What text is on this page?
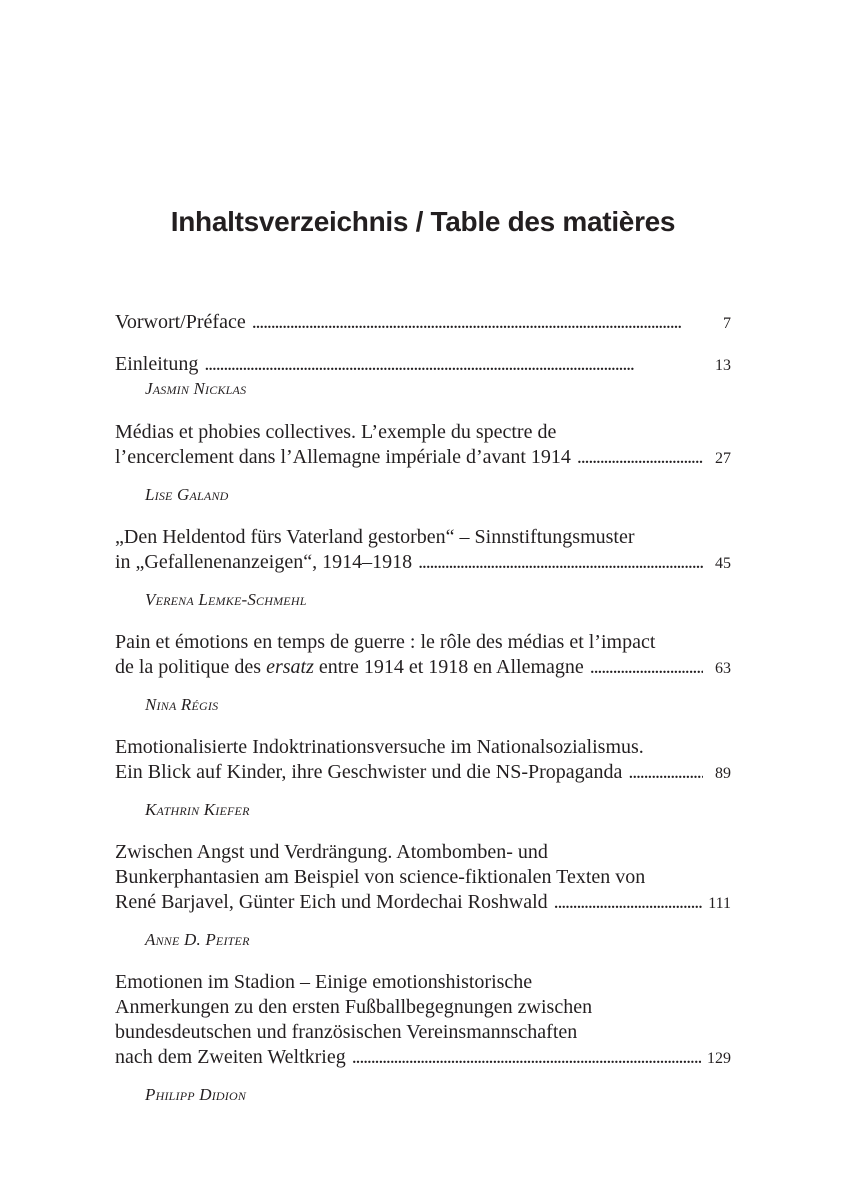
Inhaltsverzeichnis / Table des matières
Vorwort/Préface . . .	7
Einleitung . . .	13
Jasmin Nicklas
Médias et phobies collectives. L’exemple du spectre de
l’encerclement dans l’Allemagne impériale d’avant 1914 . . .	27
Lise Galand
„Den Heldentod fürs Vaterland gestorben“ – Sinnstiftungsmuster
in „Gefallenenanzeigen“, 1914–1918 . . .	45
Verena Lemke-Schmehl
Pain et émotions en temps de guerre : le rôle des médias et l’impact
de la politique des ersatz entre 1914 et 1918 en Allemagne . . .	63
Nina Régis
Emotionalisierte Indoktrinationsversuche im Nationalsozialismus.
Ein Blick auf Kinder, ihre Geschwister und die NS-Propaganda . . .	89
Kathrin Kiefer
Zwischen Angst und Verdrängung. Atombomben- und
Bunkerphantasien am Beispiel von science-fiktionalen Texten von
René Barjavel, Günter Eich und Mordechai Roshwald . . .	111
Anne D. Peiter
Emotionen im Stadion – Einige emotionshistorische
Anmerkungen zu den ersten Fußballbegegnungen zwischen
bundesdeutschen und französischen Vereinsmannschaften
nach dem Zweiten Weltkrieg . . .	129
Philipp Didion
